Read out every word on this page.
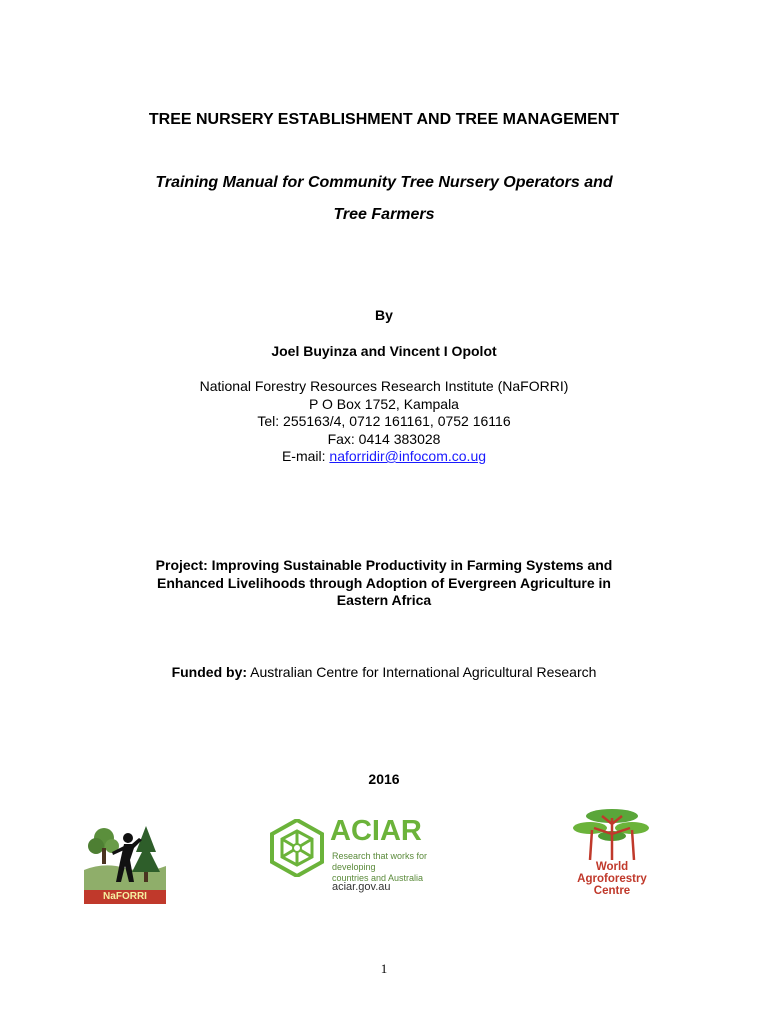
TREE NURSERY ESTABLISHMENT AND TREE MANAGEMENT
Training Manual for Community Tree Nursery Operators and
Tree Farmers
By
Joel Buyinza and Vincent I Opolot
National Forestry Resources Research Institute (NaFORRI)
P O Box 1752, Kampala
Tel: 255163/4, 0712 161161, 0752 16116
Fax: 0414 383028
E-mail: naforridir@infocom.co.ug
Project: Improving Sustainable Productivity in Farming Systems and
Enhanced Livelihoods through Adoption of Evergreen Agriculture in
Eastern Africa
Funded by: Australian Centre for International Agricultural Research
2016
NaFORRI
ACIAR
Research that works for developing
countries and Australia
aciar.gov.au
World
Agroforestry
Centre
1
